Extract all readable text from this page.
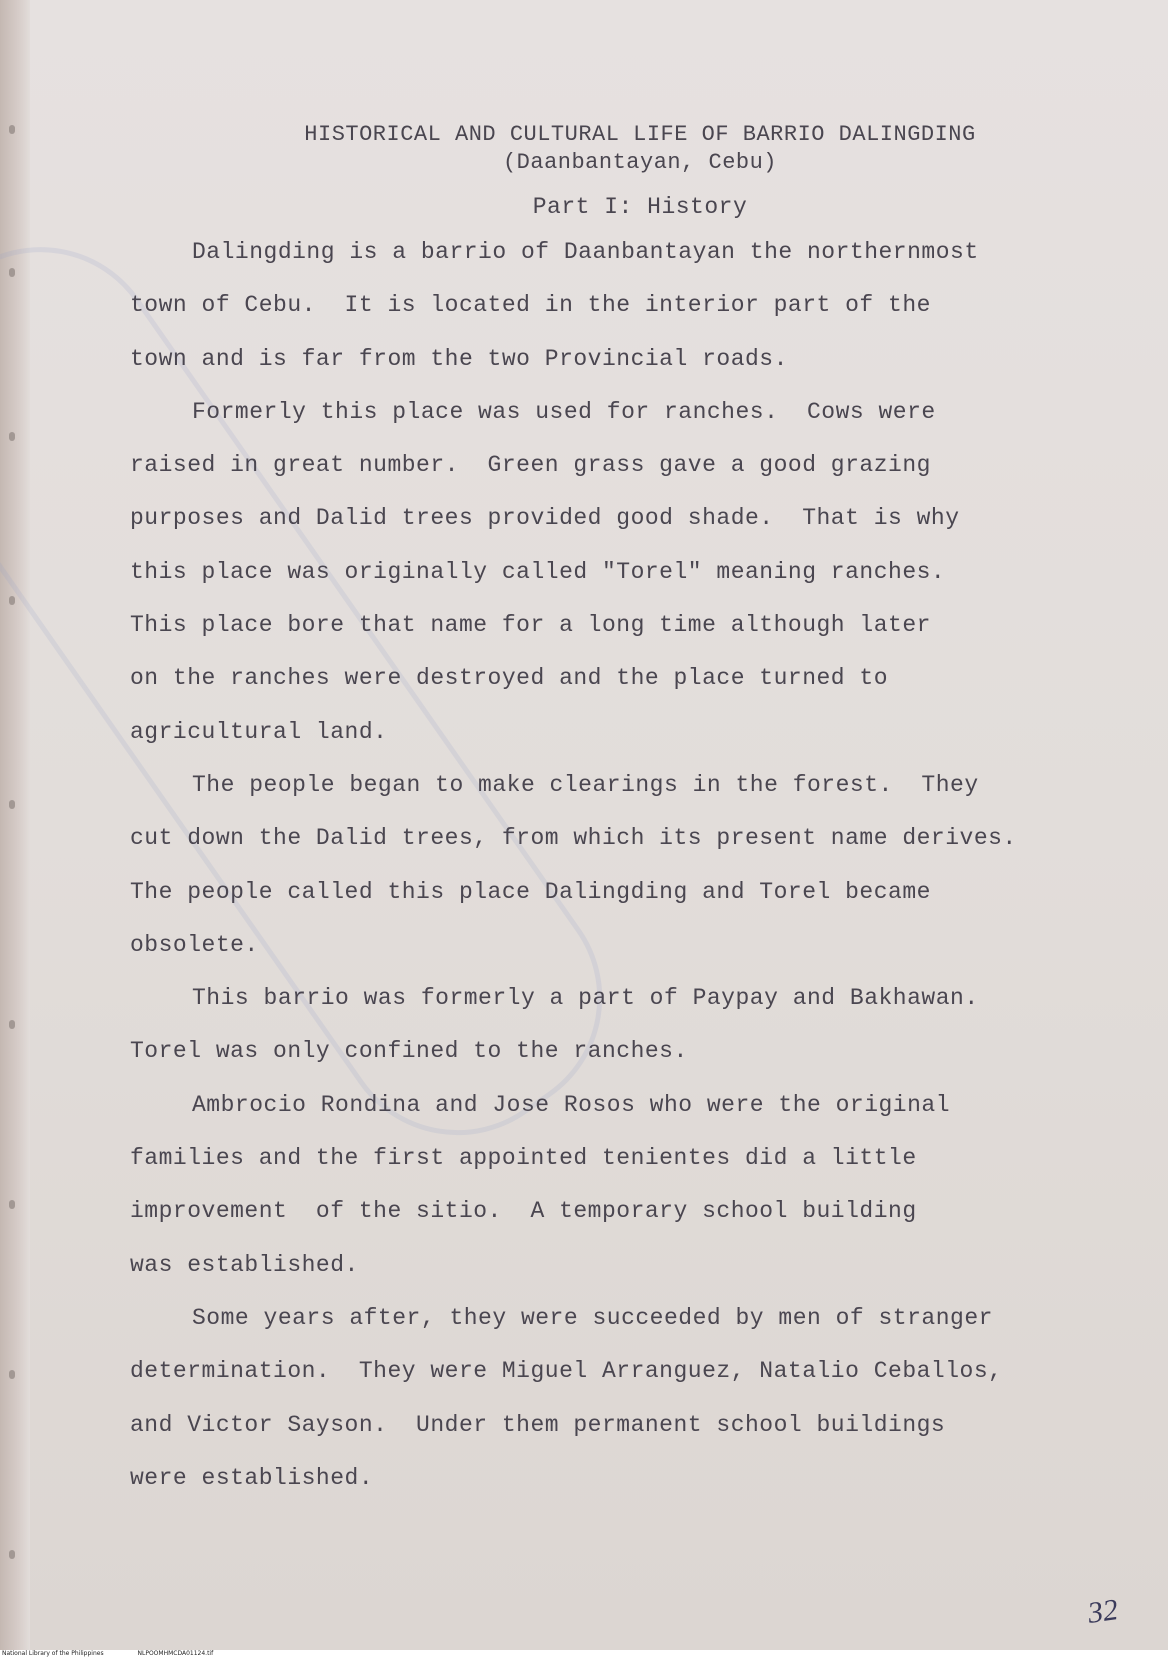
HISTORICAL AND CULTURAL LIFE OF BARRIO DALINGDING
(Daanbantayan, Cebu)
Part I: History
Dalingding is a barrio of Daanbantayan the northernmost
town of Cebu.  It is located in the interior part of the
town and is far from the two Provincial roads.
Formerly this place was used for ranches.  Cows were
raised in great number.  Green grass gave a good grazing
purposes and Dalid trees provided good shade.  That is why
this place was originally called "Torel" meaning ranches.
This place bore that name for a long time although later
on the ranches were destroyed and the place turned to
agricultural land.
The people began to make clearings in the forest.  They
cut down the Dalid trees, from which its present name derives.
The people called this place Dalingding and Torel became
obsolete.
This barrio was formerly a part of Paypay and Bakhawan.
Torel was only confined to the ranches.
Ambrocio Rondina and Jose Rosos who were the original
families and the first appointed tenientes did a little
improvement  of the sitio.  A temporary school building
was established.
Some years after, they were succeeded by men of stranger
determination.  They were Miguel Arranguez, Natalio Ceballos,
and Victor Sayson.  Under them permanent school buildings
were established.
32
National Library of the Philippines	NLPOOMHMCDA01124.tif
